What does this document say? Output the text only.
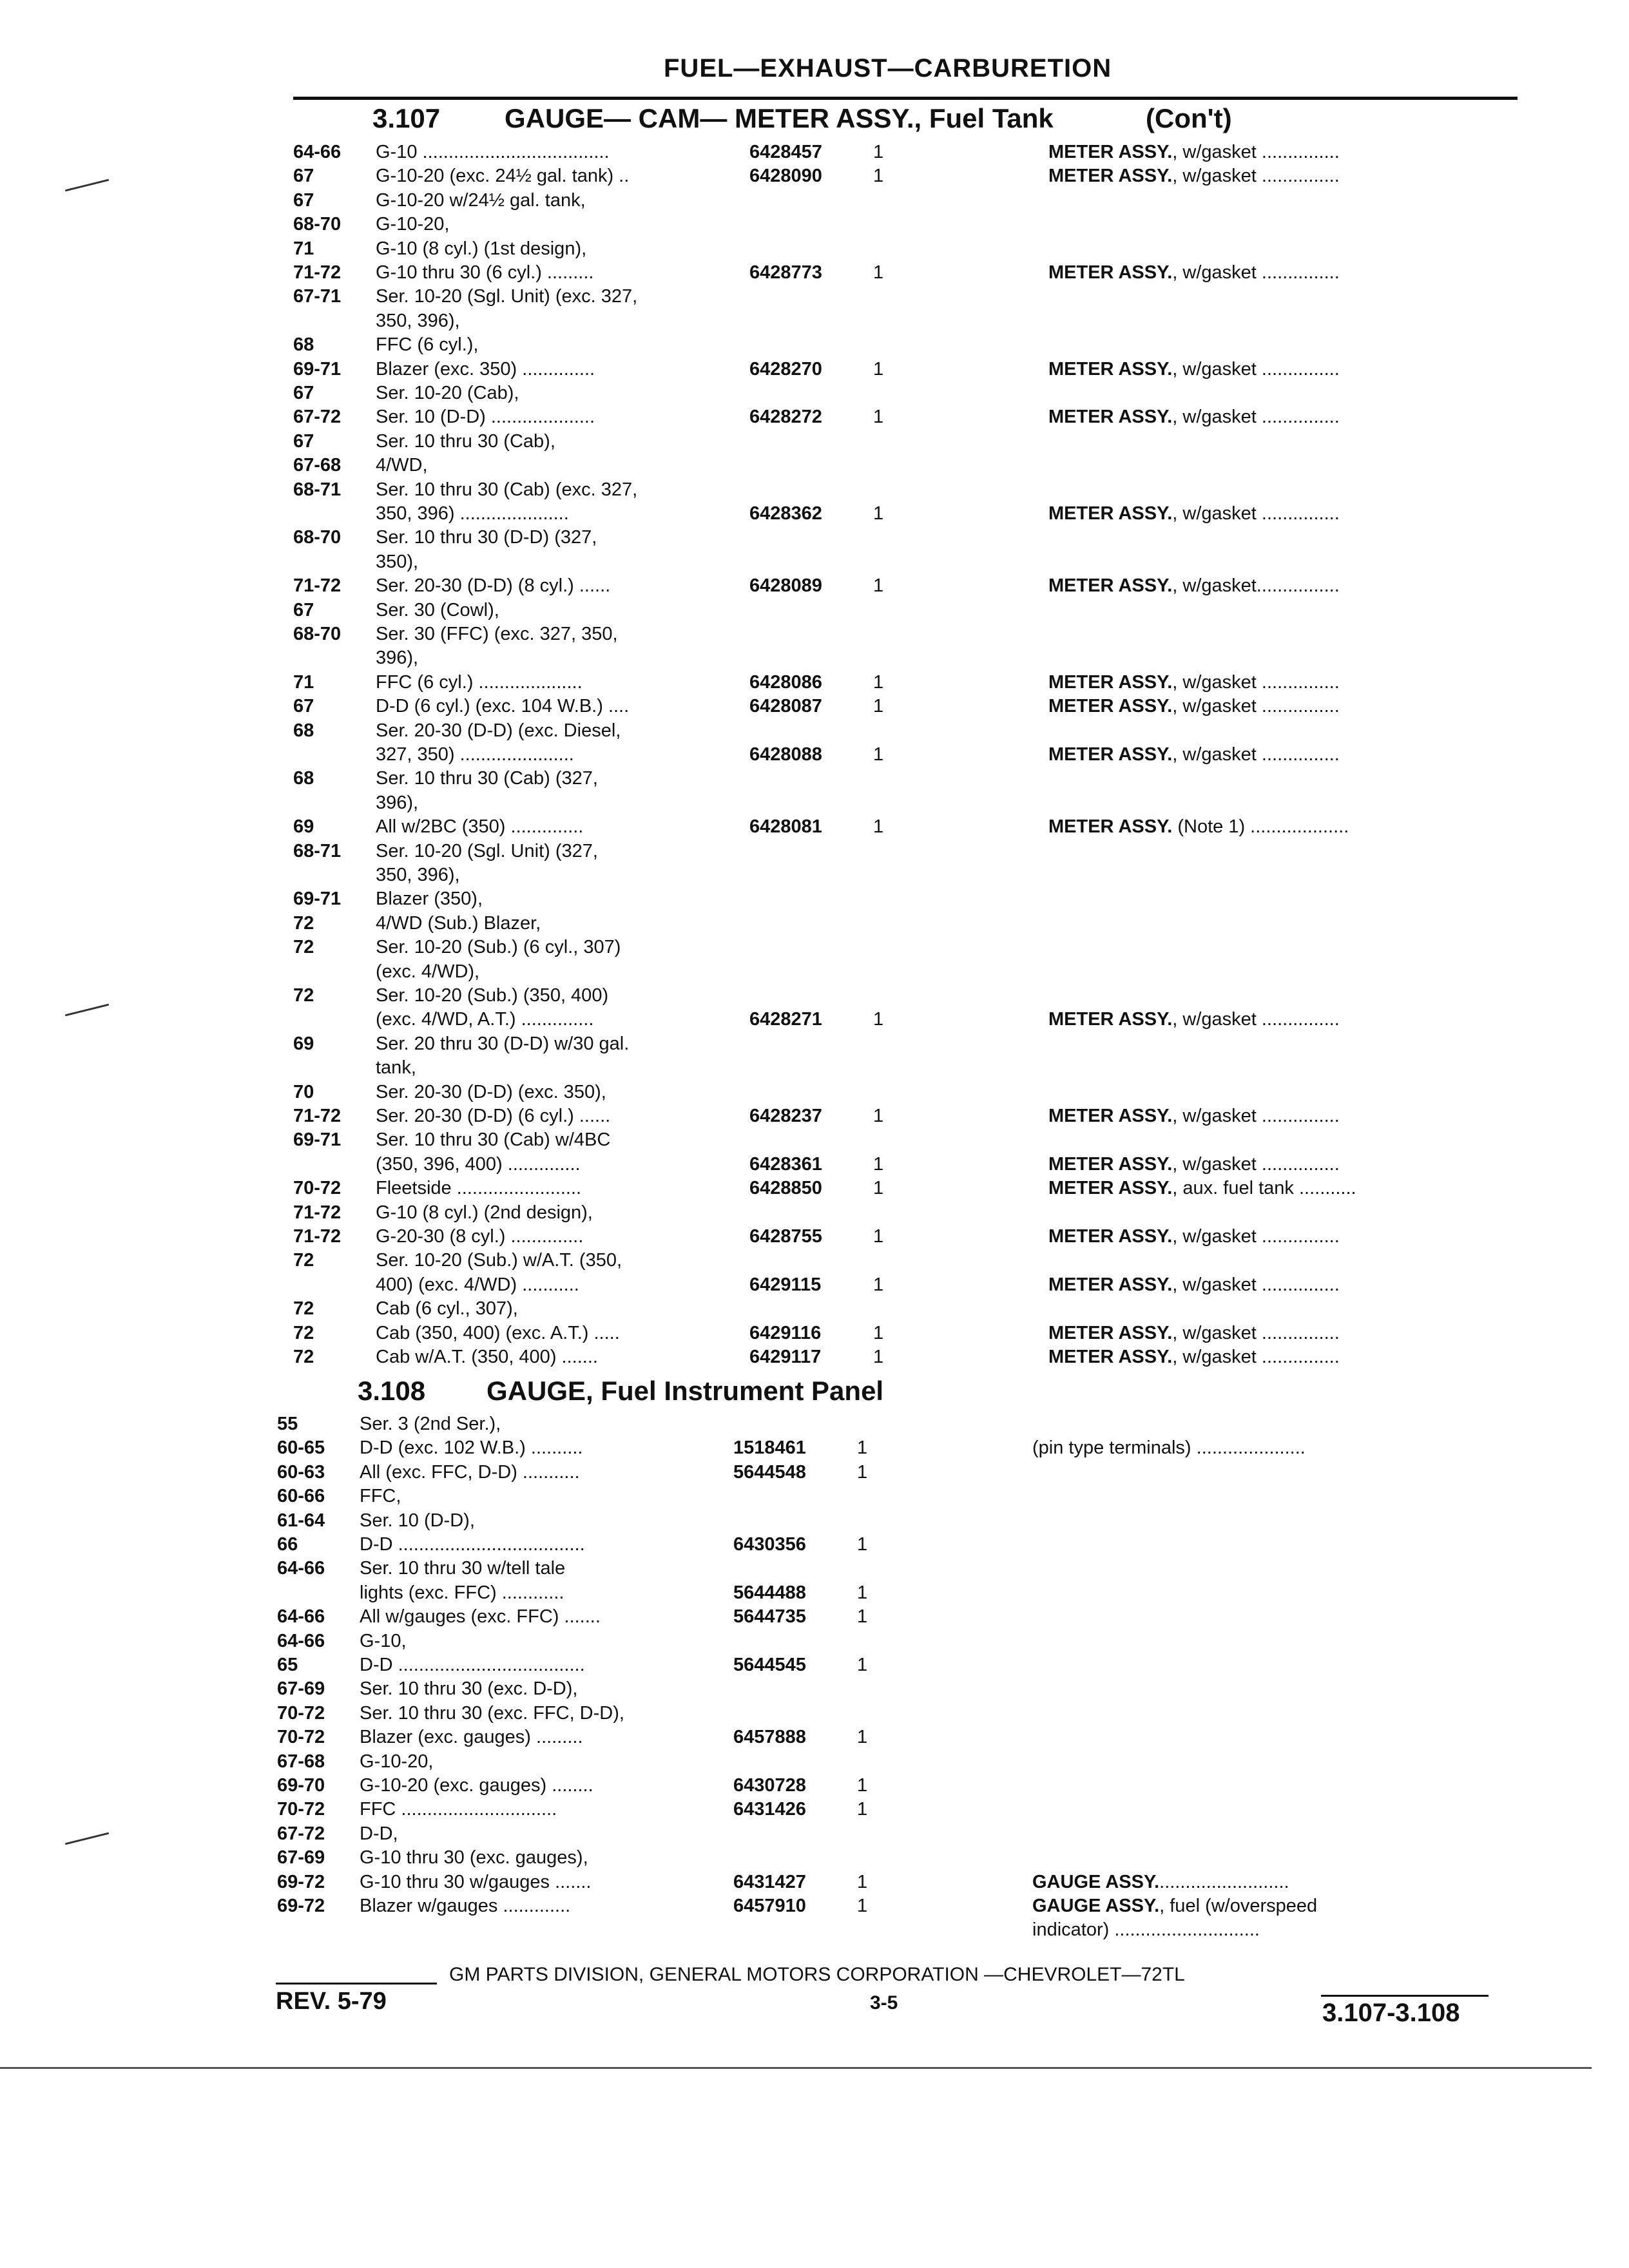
FUEL—EXHAUST—CARBURETION
3.107 GAUGE— CAM— METER ASSY., Fuel Tank	(Con't)
64-66 G-10 ....................................	6428457	1	METER ASSY., w/gasket ...............
67	G-10-20 (exc. 24½ gal. tank) ..	6428090	1	METER ASSY., w/gasket ...............
67	G-10-20 w/24½ gal. tank,
68-70 G-10-20,
71	G-10 (8 cyl.) (1st design),
71-72 G-10 thru 30 (6 cyl.) .........	6428773	1	METER ASSY., w/gasket ...............
67-71 Ser. 10-20 (Sgl. Unit) (exc. 327,
350, 396),
68	FFC (6 cyl.),
69-71 Blazer (exc. 350) ..............	6428270	1	METER ASSY., w/gasket ...............
67	Ser. 10-20 (Cab),
67-72 Ser. 10 (D-D) ....................	6428272	1	METER ASSY., w/gasket ...............
67	Ser. 10 thru 30 (Cab),
67-68 4/WD,
68-71 Ser. 10 thru 30 (Cab) (exc. 327,
350, 396) .....................	6428362	1	METER ASSY., w/gasket ...............
68-70 Ser. 10 thru 30 (D-D) (327,
350),
71-72 Ser. 20-30 (D-D) (8 cyl.) ......	6428089	1	METER ASSY., w/gasket................
67	Ser. 30 (Cowl),
68-70 Ser. 30 (FFC) (exc. 327, 350,
396),
71	FFC (6 cyl.) ....................	6428086	1	METER ASSY., w/gasket ...............
67	D-D (6 cyl.) (exc. 104 W.B.) ....	6428087	1	METER ASSY., w/gasket ...............
68	Ser. 20-30 (D-D) (exc. Diesel,
327, 350) ......................	6428088	1	METER ASSY., w/gasket ...............
68	Ser. 10 thru 30 (Cab) (327,
396),
69	All w/2BC (350) ..............	6428081	1	METER ASSY. (Note 1) ...................
68-71 Ser. 10-20 (Sgl. Unit) (327,
350, 396),
69-71 Blazer (350),
72	4/WD (Sub.) Blazer,
72	Ser. 10-20 (Sub.) (6 cyl., 307)
(exc. 4/WD),
72	Ser. 10-20 (Sub.) (350, 400)
(exc. 4/WD, A.T.) ..............	6428271	1	METER ASSY., w/gasket ...............
69	Ser. 20 thru 30 (D-D) w/30 gal.
tank,
70	Ser. 20-30 (D-D) (exc. 350),
71-72 Ser. 20-30 (D-D) (6 cyl.) ......	6428237	1	METER ASSY., w/gasket ...............
69-71 Ser. 10 thru 30 (Cab) w/4BC
(350, 396, 400) ..............	6428361	1	METER ASSY., w/gasket ...............
70-72 Fleetside ........................	6428850	1	METER ASSY., aux. fuel tank ...........
71-72 G-10 (8 cyl.) (2nd design),
71-72 G-20-30 (8 cyl.) ..............	6428755	1	METER ASSY., w/gasket ...............
72	Ser. 10-20 (Sub.) w/A.T. (350,
400) (exc. 4/WD) ...........	6429115	1	METER ASSY., w/gasket ...............
72	Cab (6 cyl., 307),
72	Cab (350, 400) (exc. A.T.) .....	6429116	1	METER ASSY., w/gasket ...............
72	Cab w/A.T. (350, 400) .......	6429117	1	METER ASSY., w/gasket ...............
3.108 GAUGE, Fuel Instrument Panel
55	Ser. 3 (2nd Ser.),
60-65 D-D (exc. 102 W.B.) ..........	1518461	1	(pin type terminals) .....................
60-63 All (exc. FFC, D-D) ...........	5644548	1
60-66 FFC,
61-64 Ser. 10 (D-D),
66	D-D ....................................	6430356	1
64-66 Ser. 10 thru 30 w/tell tale
lights (exc. FFC) ............	5644488	1
64-66 All w/gauges (exc. FFC) .......	5644735	1
64-66 G-10,
65	D-D ....................................	5644545	1
67-69 Ser. 10 thru 30 (exc. D-D),
70-72 Ser. 10 thru 30 (exc. FFC, D-D),
70-72 Blazer (exc. gauges) .........	6457888	1
67-68 G-10-20,
69-70 G-10-20 (exc. gauges) ........	6430728	1
70-72 FFC ..............................	6431426	1
67-72 D-D,
67-69 G-10 thru 30 (exc. gauges),
69-72 G-10 thru 30 w/gauges .......	6431427	1	GAUGE ASSY..........................
69-72 Blazer w/gauges .............	6457910	1	GAUGE ASSY., fuel (w/overspeed
indicator) ............................
GM PARTS DIVISION, GENERAL MOTORS CORPORATION —CHEVROLET—72TL
REV. 5-79	3-5	3.107-3.108
